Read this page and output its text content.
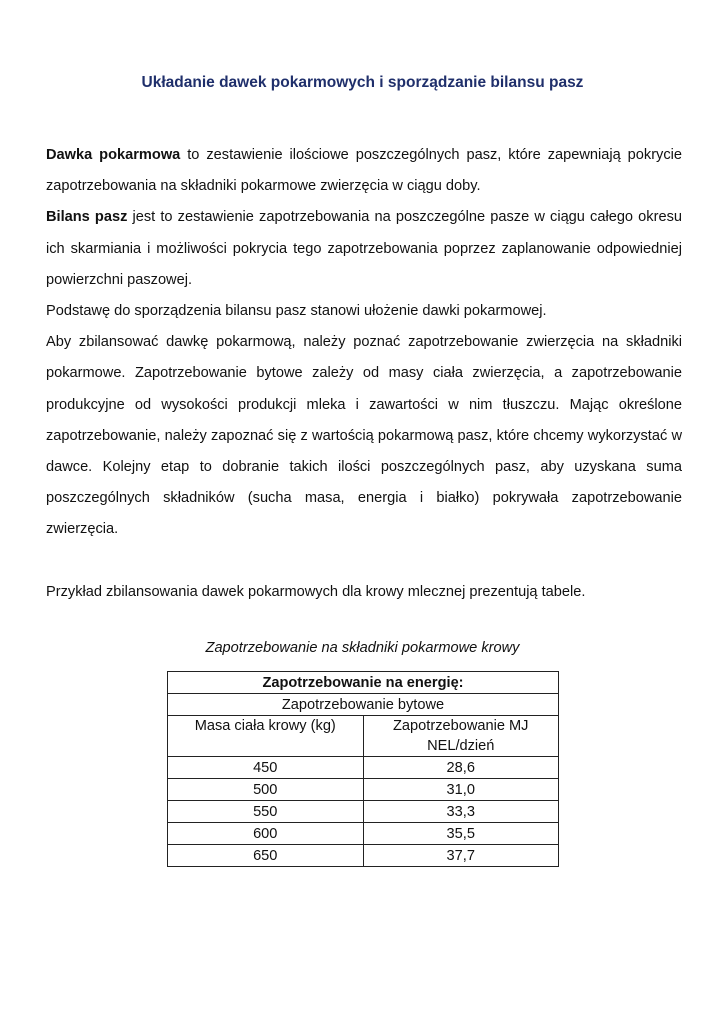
Układanie dawek pokarmowych i sporządzanie bilansu pasz

Dawka pokarmowa to zestawienie ilościowe poszczególnych pasz, które zapewniają pokrycie zapotrzebowania na składniki pokarmowe zwierzęcia w ciągu doby.

Bilans pasz jest to zestawienie zapotrzebowania na poszczególne pasze w ciągu całego okresu ich skarmiania i możliwości pokrycia tego zapotrzebowania poprzez zaplanowanie odpowiedniej powierzchni paszowej.

Podstawę do sporządzenia bilansu pasz stanowi ułożenie dawki pokarmowej.

Aby zbilansować dawkę pokarmową, należy poznać zapotrzebowanie zwierzęcia na składniki pokarmowe. Zapotrzebowanie bytowe zależy od masy ciała zwierzęcia, a zapotrzebowanie produkcyjne od wysokości produkcji mleka i zawartości w nim tłuszczu. Mając określone zapotrzebowanie, należy zapoznać się z wartością pokarmową pasz, które chcemy wykorzystać w dawce. Kolejny etap to dobranie takich ilości poszczególnych pasz, aby uzyskana suma poszczególnych składników (sucha masa, energia i białko) pokrywała zapotrzebowanie zwierzęcia.

Przykład zbilansowania dawek pokarmowych dla krowy mlecznej prezentują tabele.

Zapotrzebowanie na składniki pokarmowe krowy
Zapotrzebowanie na energię:	
Zapotrzebowanie bytowe	
Masa ciała krowy (kg)	Zapotrzebowanie MJ
NEL/dzień

450	28,6
500	31,0
550	33,3
600	35,5
650	37,7
